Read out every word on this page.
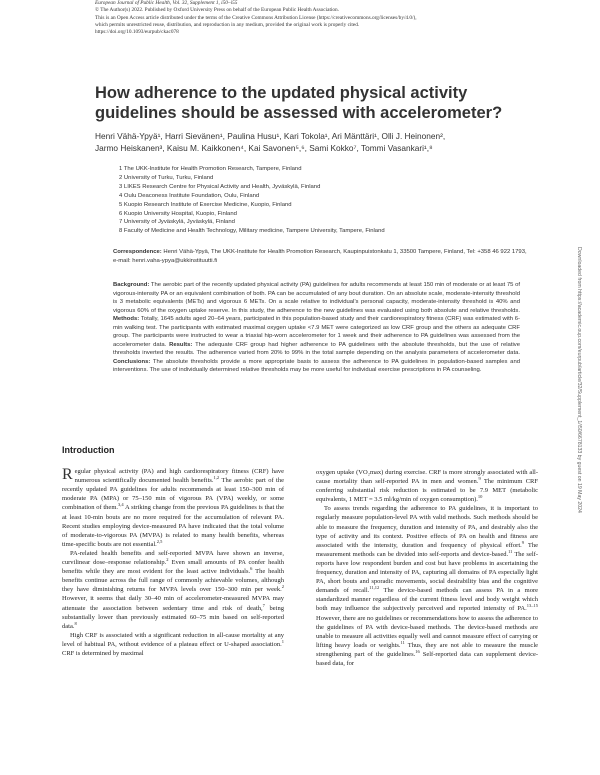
European Journal of Public Health, Vol. 32, Supplement 1, i50–i55
© The Author(s) 2022. Published by Oxford University Press on behalf of the European Public Health Association.
This is an Open Access article distributed under the terms of the Creative Commons Attribution License (https://creativecommons.org/licenses/by/4.0/),
which permits unrestricted reuse, distribution, and reproduction in any medium, provided the original work is properly cited.
https://doi.org/10.1093/eurpub/ckac078
How adherence to the updated physical activity guidelines should be assessed with accelerometer?
Henri Vähä-Ypyä¹, Harri Sievänen¹, Paulina Husu¹, Kari Tokola¹, Ari Mänttäri¹, Olli J. Heinonen²,
Jarmo Heiskanen³, Kaisu M. Kaikkonen⁴, Kai Savonen⁵,⁶, Sami Kokko⁷, Tommi Vasankari¹,⁸
1 The UKK-Institute for Health Promotion Research, Tampere, Finland
2 University of Turku, Turku, Finland
3 LIKES Research Centre for Physical Activity and Health, Jyväskylä, Finland
4 Oulu Deaconess Institute Foundation, Oulu, Finland
5 Kuopio Research Institute of Exercise Medicine, Kuopio, Finland
6 Kuopio University Hospital, Kuopio, Finland
7 University of Jyväskylä, Jyväskylä, Finland
8 Faculty of Medicine and Health Technology, Military medicine, Tampere University, Tampere, Finland
Correspondence: Henri Vähä-Ypyä, The UKK-Institute for Health Promotion Research, Kaupinpuistonkatu 1, 33500 Tampere, Finland, Tel: +358 46 922 1793, e-mail: henri.vaha-ypya@ukkinstituutti.fi

Background: The aerobic part of the recently updated physical activity (PA) guidelines for adults recommends at least 150 min of moderate or at least 75 of vigorous-intensity PA or an equivalent combination of both. PA can be accumulated of any bout duration. On an absolute scale, moderate-intensity threshold is 3 metabolic equivalents (METs) and vigorous 6 METs. On a scale relative to individual’s personal capacity, moderate-intensity threshold is 40% and vigorous 60% of the oxygen uptake reserve. In this study, the adherence to the new guidelines was evaluated using both absolute and relative thresholds. Methods: Totally, 1645 adults aged 20–64 years, participated in this population-based study and their cardiorespiratory fitness (CRF) was estimated with 6-min walking test. The participants with estimated maximal oxygen uptake <7.9 MET were categorized as low CRF group and the others as adequate CRF group. The participants were instructed to wear a triaxial hip-worn accelerometer for 1 week and their adherence to PA guidelines was assessed from the accelerometer data. Results: The adequate CRF group had higher adherence to PA guidelines with the absolute thresholds, but the use of relative thresholds inverted the results. The adherence varied from 20% to 99% in the total sample depending on the analysis parameters of accelerometer data. Conclusions: The absolute thresholds provide a more appropriate basis to assess the adherence to PA guidelines in population-based samples and interventions. The use of individually determined relative thresholds may be more useful for individual exercise prescriptions in PA counseling.

Introduction

Regular physical activity (PA) and high cardiorespiratory fitness (CRF) have numerous scientifically documented health benefits.$^{1,2}$ The aerobic part of the recently updated PA guidelines for adults recommends at least 150–300 min of moderate PA (MPA) or 75–150 min of vigorous PA (VPA) weekly, or some combination of them.$^{3,4}$ A striking change from the previous PA guidelines is that the at least 10-min bouts are no more required for the accumulation of relevant PA. Recent studies employing device-measured PA have indicated that the total volume of moderate-to-vigorous PA (MVPA) is related to many health benefits, whereas time-specific bouts are not essential.$^{2,5}$

PA-related health benefits and self-reported MVPA have shown an inverse, curvilinear dose–response relationship.$^2$ Even small amounts of PA confer health benefits while they are most evident for the least active individuals.$^6$ The health benefits continue across the full range of commonly achievable volumes, although they have diminishing returns for MVPA levels over 150–300 min per week.$^2$ However, it seems that daily 30–40 min of accelerometer-measured MVPA may attenuate the association between sedentary time and risk of death,$^7$ being substantially lower than previously estimated 60–75 min based on self-reported data.$^8$

High CRF is associated with a significant reduction in all-cause mortality at any level of habitual PA, without evidence of a plateau effect or U-shaped association.$^1$ CRF is determined by maximal

oxygen uptake (VO₂max) during exercise. CRF is more strongly associated with all-cause mortality than self-reported PA in men and women.$^9$ The minimum CRF conferring substantial risk reduction is estimated to be 7.9 MET (metabolic equivalents, 1 MET = 3.5 ml/kg/min of oxygen consumption).$^{10}$

To assess trends regarding the adherence to PA guidelines, it is important to regularly measure population-level PA with valid methods. Such methods should be able to measure the frequency, duration and intensity of PA, and desirably also the type of activity and its context. Positive effects of PA on health and fitness are associated with the intensity, duration and frequency of physical effort.$^9$ The measurement methods can be divided into self-reports and device-based.$^{11}$ The self-reports have low respondent burden and cost but have problems in ascertaining the frequency, duration and intensity of PA, capturing all domains of PA especially light PA, short bouts and sporadic movements, social desirability bias and the cognitive demands of recall.$^{11,12}$ The device-based methods can assess PA in a more standardized manner regardless of the current fitness level and body weight which both may influence the subjectively perceived and reported intensity of PA.$^{13-15}$ However, there are no guidelines or recommendations how to assess the adherence to the guidelines of PA with device-based methods. The device-based methods are unable to measure all activities equally well and cannot measure effect of carrying or lifting heavy loads or weights.$^{11}$ Thus, they are not able to measure the muscle strengthening part of the guidelines.$^{16}$ Self-reported data can supplement device-based data, for

Downloaded from https://academic.oup.com/eurpub/article/32/Supplement_1/i50/6678133 by guest on 19 May 2024
